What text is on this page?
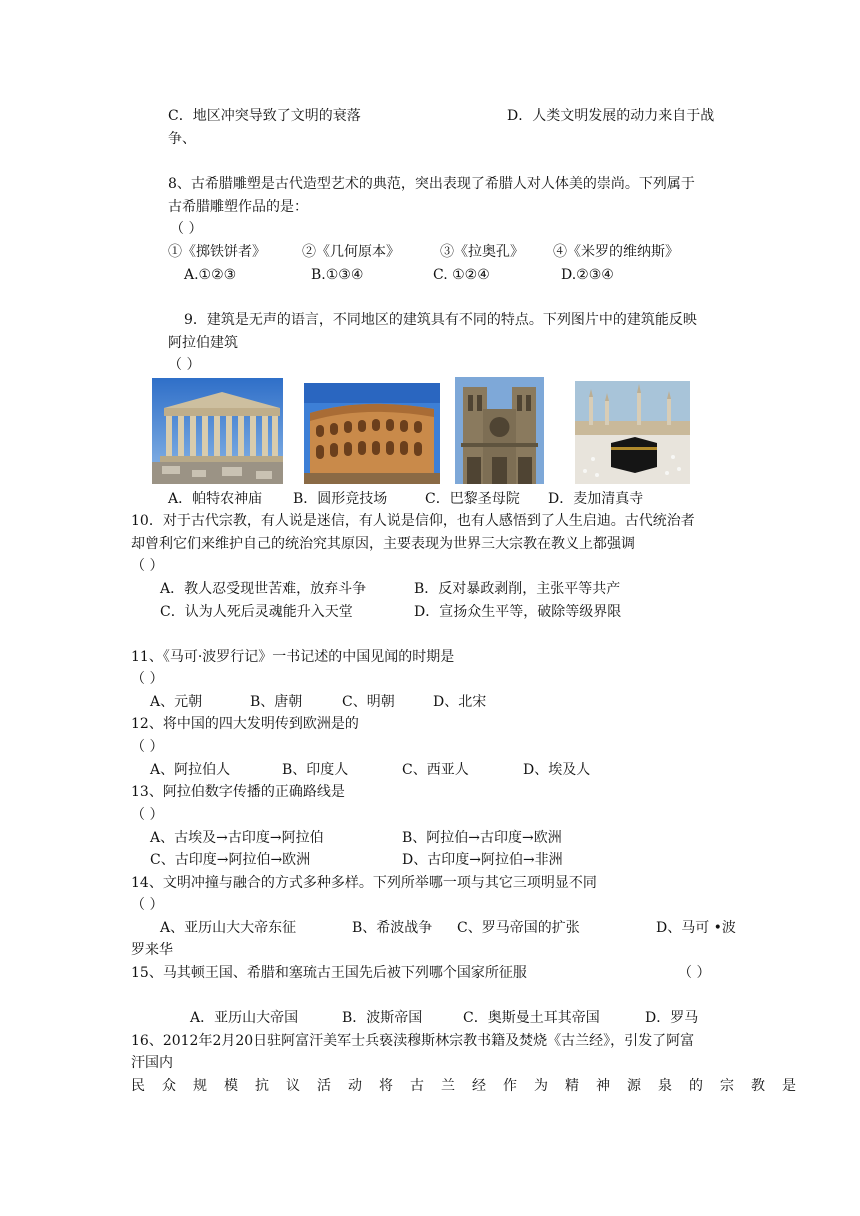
C．地区冲突导致了文明的衰落	D．人类文明发展的动力来自于战
争、
8、古希腊雕塑是古代造型艺术的典范，突出表现了希腊人对人体美的崇尚。下列属于
古希腊雕塑作品的是：
（ ）
①《掷铁饼者》	②《几何原本》	③《拉奥孔》 ④《米罗的维纳斯》
A.①②③	B.①③④	C. ①②④	D.②③④
9．建筑是无声的语言，不同地区的建筑具有不同的特点。下列图片中的建筑能反映
阿拉伯建筑
（ ）
A．帕特农神庙 B．圆形竞技场	C．巴黎圣母院 D．麦加清真寺
10．对于古代宗教，有人说是迷信，有人说是信仰，也有人感悟到了人生启迪。古代统治者
却曾利它们来维护自己的统治究其原因，主要表现为世界三大宗教在教义上都强调
（ ）
A．教人忍受现世苦难，放弃斗争	B．反对暴政剥削，主张平等共产
C．认为人死后灵魂能升入天堂	D．宣扬众生平等，破除等级界限
11、《马可·波罗行记》一书记述的中国见闻的时期是
（ ）
A、元朝	B、唐朝	C、明朝	D、北宋
12、将中国的四大发明传到欧洲是的
（ ）
A、阿拉伯人	B、印度人	C、西亚人	D、埃及人
13、阿拉伯数字传播的正确路线是
（ ）
A、古埃及→古印度→阿拉伯	B、阿拉伯→古印度→欧洲
C、古印度→阿拉伯→欧洲	D、古印度→阿拉伯→非洲
14、文明冲撞与融合的方式多种多样。下列所举哪一项与其它三项明显不同
（ ）
A、亚历山大大帝东征	B、希波战争 C、罗马帝国的扩张	D、马可 •波
罗来华
15、马其顿王国、希腊和塞琉古王国先后被下列哪个国家所征服	（ ）
A．亚历山大帝国	B．波斯帝国	C．奥斯曼土耳其帝国	D．罗马
16、2012年2月20日驻阿富汗美军士兵亵渎穆斯林宗教书籍及焚烧《古兰经》，引发了阿富
汗国内
民众规模抗议活动将古兰经作为精神源泉的宗教是
